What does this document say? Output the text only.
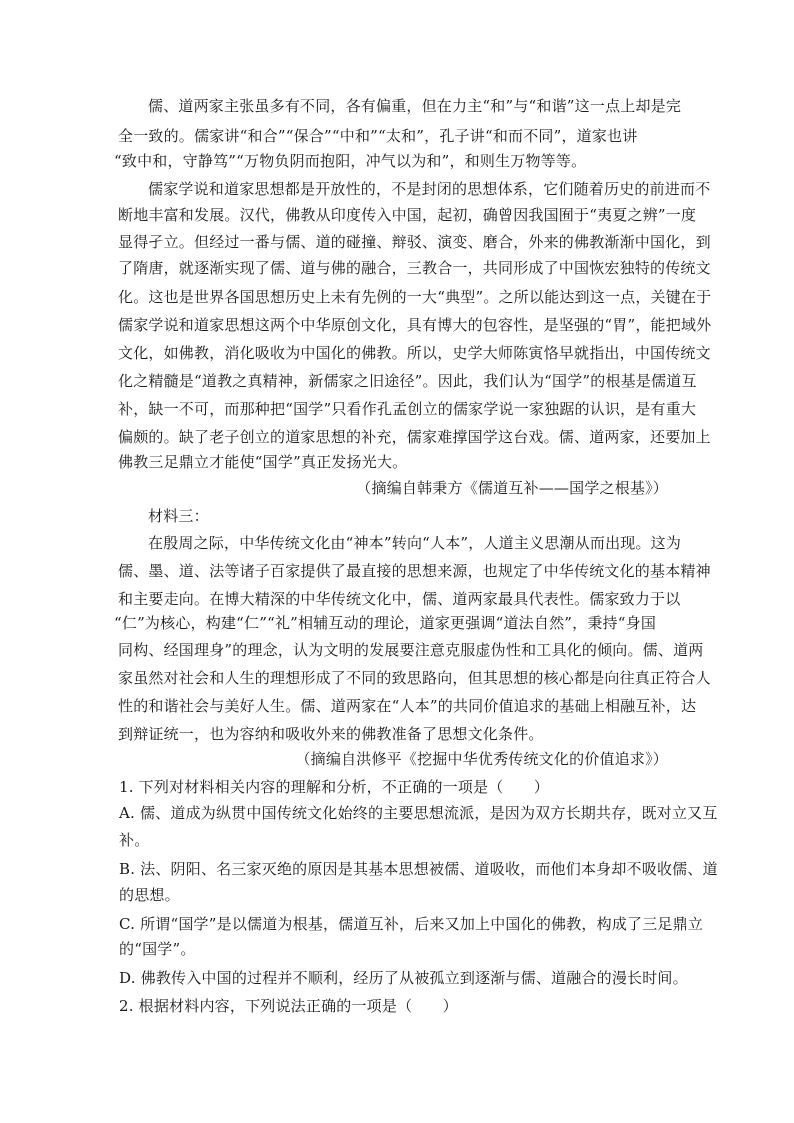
儒、道两家主张虽多有不同，各有偏重，但在力主“和”与“和谐”这一点上却是完
全一致的。儒家讲“和合”“保合”“中和”“太和”，孔子讲“和而不同”，道家也讲
“致中和，守静笃”“万物负阴而抱阳，冲气以为和”，和则生万物等等。
儒家学说和道家思想都是开放性的，不是封闭的思想体系，它们随着历史的前进而不
断地丰富和发展。汉代，佛教从印度传入中国，起初，确曾因我国囿于“夷夏之辨”一度
显得孑立。但经过一番与儒、道的碰撞、辩驳、演变、磨合，外来的佛教渐渐中国化，到
了隋唐，就逐渐实现了儒、道与佛的融合，三教合一，共同形成了中国恢宏独特的传统文
化。这也是世界各国思想历史上未有先例的一大“典型”。之所以能达到这一点，关键在于
儒家学说和道家思想这两个中华原创文化，具有博大的包容性，是坚强的“胃”，能把域外
文化，如佛教，消化吸收为中国化的佛教。所以，史学大师陈寅恪早就指出，中国传统文
化之精髓是“道教之真精神，新儒家之旧途径”。因此，我们认为“国学”的根基是儒道互
补，缺一不可，而那种把“国学”只看作孔孟创立的儒家学说一家独踞的认识，是有重大
偏颇的。缺了老子创立的道家思想的补充，儒家难撑国学这台戏。儒、道两家，还要加上
佛教三足鼎立才能使“国学”真正发扬光大。
（摘编自韩秉方《儒道互补——国学之根基》）
材料三：
在殷周之际，中华传统文化由“神本”转向“人本”，人道主义思潮从而出现。这为
儒、墨、道、法等诸子百家提供了最直接的思想来源，也规定了中华传统文化的基本精神
和主要走向。在博大精深的中华传统文化中，儒、道两家最具代表性。儒家致力于以
“仁”为核心，构建“仁”“礼”相辅互动的理论，道家更强调“道法自然”，秉持“身国
同构、经国理身”的理念，认为文明的发展要注意克服虚伪性和工具化的倾向。儒、道两
家虽然对社会和人生的理想形成了不同的致思路向，但其思想的核心都是向往真正符合人
性的和谐社会与美好人生。儒、道两家在“人本”的共同价值追求的基础上相融互补，达
到辩证统一，也为容纳和吸收外来的佛教准备了思想文化条件。
（摘编自洪修平《挖掘中华优秀传统文化的价值追求》）
1. 下列对材料相关内容的理解和分析，不正确的一项是（　　）
A. 儒、道成为纵贯中国传统文化始终的主要思想流派，是因为双方长期共存，既对立又互
补。
B. 法、阴阳、名三家灭绝的原因是其基本思想被儒、道吸收，而他们本身却不吸收儒、道
的思想。
C. 所谓“国学”是以儒道为根基，儒道互补，后来又加上中国化的佛教，构成了三足鼎立
的“国学”。
D. 佛教传入中国的过程并不顺利，经历了从被孤立到逐渐与儒、道融合的漫长时间。
2. 根据材料内容，下列说法正确的一项是（　　）
